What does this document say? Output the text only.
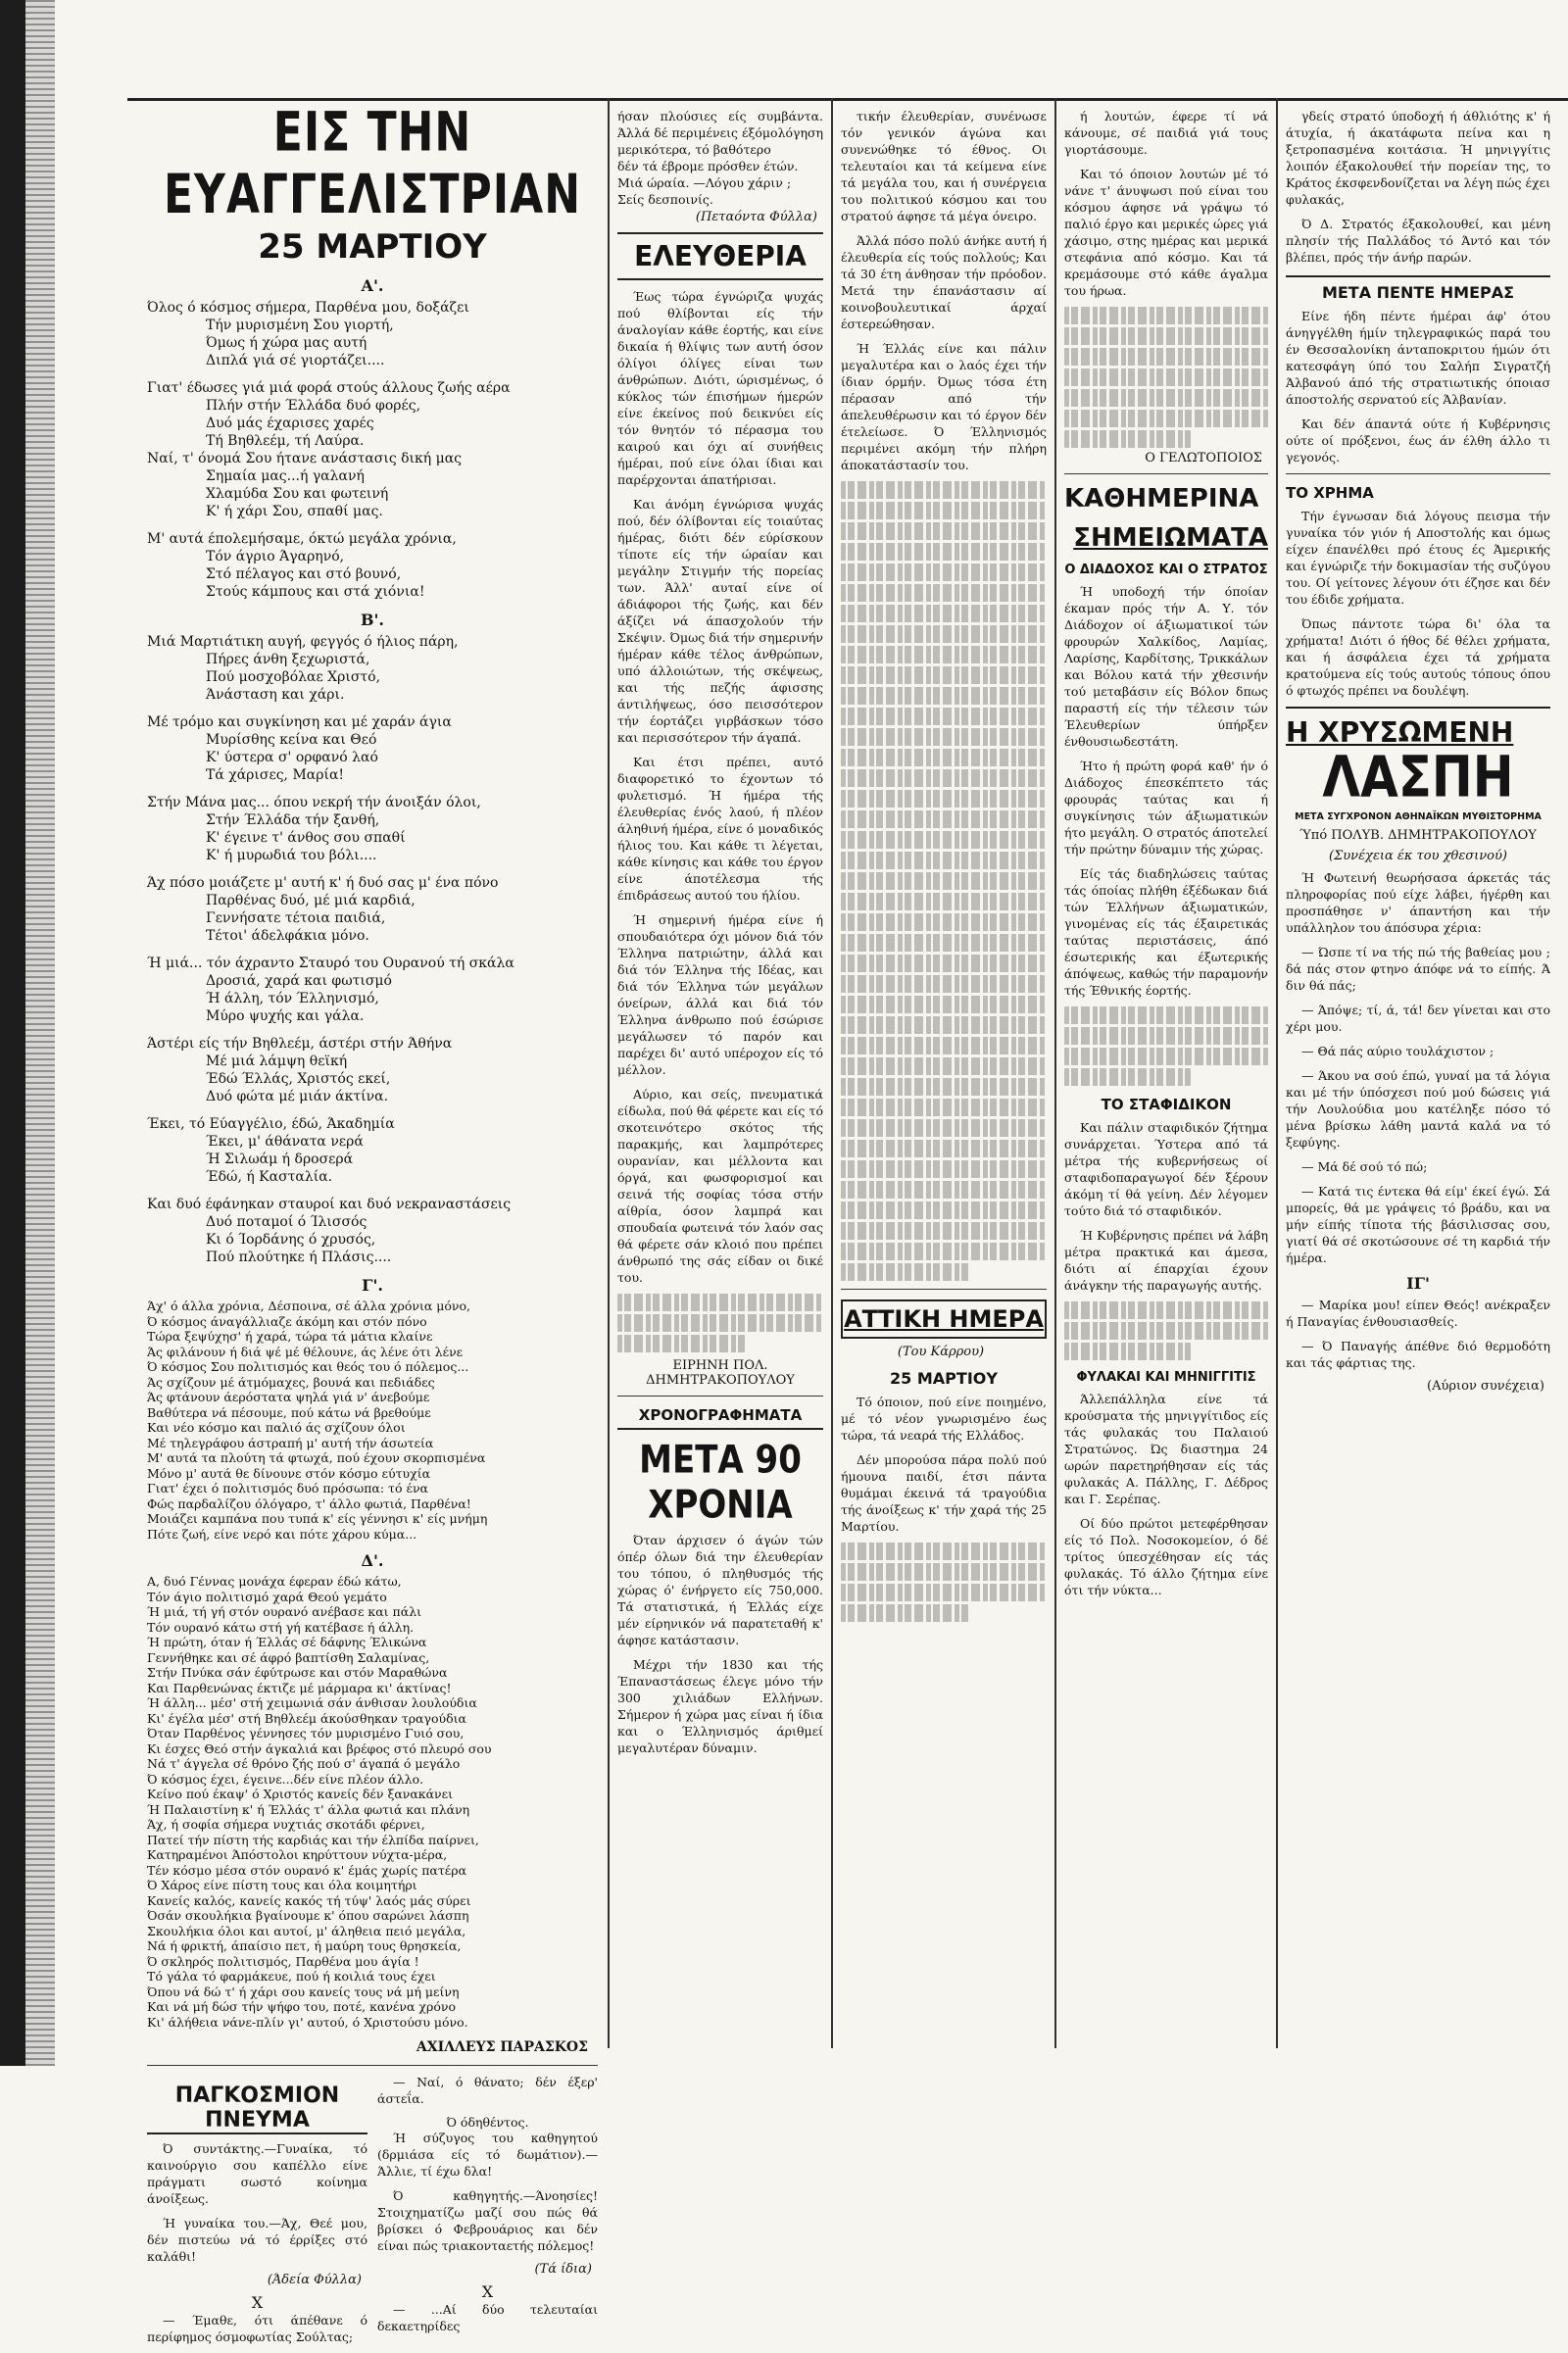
ΕΙΣ ΤΗΝ ΕΥΑΓΓΕΛΙΣΤΡΙΑΝ
25 ΜΑΡΤΙΟΥ
Α'.
Όλος ό κόσμος σήμερα, Παρθένα μου, δοξάζει
Τήν μυρισμένη Σου γιορτή,
Όμως ή χώρα μας αυτή
Διπλά γιά σέ γιορτάζει....
Γιατ' έδωσες γιά μιά φορά στούς άλλους ζωής αέρα
Πλήν στήν Έλλάδα δυό φορές,
Δυό μάς έχαρισες χαρές
Τή Βηθλεέμ, τή Λαύρα.
Ναί, τ' όνομά Σου ήτανε ανάστασις δική μας
Σημαία μας...ή γαλανή
Χλαμύδα Σου και φωτεινή
Κ' ή χάρι Σου, σπαθί μας.
Μ' αυτά έπολεμήσαμε, όκτώ μεγάλα χρόνια,
Τόν άγριο Άγαρηνό,
Στό πέλαγος και στό βουνό,
Στούς κάμπους και στά χιόνια!
Β'.
Μιά Μαρτιάτικη αυγή, φεγγός ό ήλιος πάρη,
Πήρες άνθη ξεχωριστά,
Πού μοσχοβόλαε Χριστό,
Άνάσταση και χάρι.
Μέ τρόμο και συγκίνηση και μέ χαράν άγια
Μυρίσθης κείνα και Θεό
Κ' ύστερα σ' ορφανό λαό
Τά χάρισες, Μαρία!
Στήν Μάνα μας... όπου νεκρή τήν άνοιξάν όλοι,
Στήν Έλλάδα τήν ξανθή,
Κ' έγεινε τ' άνθος σου σπαθί
Κ' ή μυρωδιά του βόλι....
Άχ πόσο μοιάζετε μ' αυτή κ' ή δυό σας μ' ένα πόνο
Παρθένας δυό, μέ μιά καρδιά,
Γεννήσατε τέτοια παιδιά,
Τέτοι' άδελφάκια μόνο.
Ή μιά... τόν άχραντο Σταυρό του Ουρανού τή σκάλα
Δροσιά, χαρά και φωτισμό
Ή άλλη, τόν Έλληνισμό,
Μύρο ψυχής και γάλα.
Άστέρι είς τήν Βηθλεέμ, άστέρι στήν Άθήνα
Μέ μιά λάμψη θεϊκή
Έδώ Έλλάς, Χριστός εκεί,
Δυό φώτα μέ μιάν άκτίνα.
Έκει, τό Εύαγγέλιο, έδώ, Άκαδημία
Έκει, μ' άθάνατα νερά
Ή Σιλωάμ ή δροσερά
Έδώ, ή Κασταλία.
Και δυό έφάνηκαν σταυροί και δυό νεκραναστάσεις
Δυό ποταμοί ό Ίλισσός
Κι ό Ίορδάνης ό χρυσός,
Πού πλούτηκε ή Πλάσις....
Γ'.
Άχ' ό άλλα χρόνια, Δέσποινα, σέ άλλα χρόνια μόνο,
Ό κόσμος άναγάλλιαζε άκόμη και στόν πόνο
Τώρα ξεψύχησ' ή χαρά, τώρα τά μάτια κλαίνε
Άς φιλάνουν ή διά ψέ μέ θέλουνε, άς λένε ότι λένε
Ό κόσμος Σου πολιτισμός και θεός του ό πόλεμος...
Άς σχίζουν μέ άτμόμαχες, βουνά και πεδιάδες
Άς φτάνουν άερόστατα ψηλά γιά ν' άνεβούμε
Βαθύτερα νά πέσουμε, πού κάτω νά βρεθούμε
Και νέο κόσμο και παλιό άς σχίζουν όλοι
Μέ τηλεγράφου άστραπή μ' αυτή τήν άσωτεία
Μ' αυτά τα πλούτη τά φτωχά, πού έχουν σκορπισμένα
Μόνο μ' αυτά θε δίνουνε στόν κόσμο εύτυχία
Γιατ' έχει ό πολιτισμός δυό πρόσωπα: τό ένα
Φώς παρδαλίζου όλόγαρο, τ' άλλο φωτιά, Παρθένα!
Μοιάζει καμπάνα που τυπά κ' είς γέννησι κ' είς μνήμη
Πότε ζωή, είνε νερό και πότε χάρου κύμα...
Δ'.
Α, δυό Γέννας μονάχα έφεραν έδώ κάτω,
Τόν άγιο πολιτισμό χαρά Θεού γεμάτο
Ή μιά, τή γή στόν ουρανό ανέβασε και πάλι
Τόν ουρανό κάτω στή γή κατέβασε ή άλλη.
Ή πρώτη, όταν ή Έλλάς σέ δάφνης Έλικώνα
Γεννήθηκε και σέ άφρό βαπτίσθη Σαλαμίνας,
Στήν Πνύκα σάν έφύτρωσε και στόν Μαραθώνα
Και Παρθενώνας έκτιζε μέ μάρμαρα κι' άκτίνας!
Ή άλλη... μέσ' στή χειμωνιά σάν άνθισαν λουλούδια
Κι' έγέλα μέσ' στή Βηθλεέμ άκούσθηκαν τραγούδια
Όταν Παρθένος γέννησες τόν μυρισμένο Γυιό σου,
Κι έσχες Θεό στήν άγκαλιά και βρέφος στό πλευρό σου
Νά τ' άγγελα σέ θρόνο ζής πού σ' άγαπά ό μεγάλο
Ό κόσμος έχει, έγεινε...δέν είνε πλέον άλλο.
Κείνο πού έκαψ' ό Χριστός κανείς δέν ξανακάνει
Ή Παλαιστίνη κ' ή Έλλάς τ' άλλα φωτιά και πλάνη
Άχ, ή σοφία σήμερα νυχτιάς σκοτάδι φέρνει,
Πατεί τήν πίστη τής καρδιάς και τήν έλπίδα παίρνει,
Κατηραμένοι Άπόστολοι κηρύττουν νύχτα-μέρα,
Τέν κόσμο μέσα στόν ουρανό κ' έμάς χωρίς πατέρα
Ό Χάρος είνε πίστη τους και όλα κοιμητήρι
Κανείς καλός, κανείς κακός τή τύψ' λαός μάς σύρει
Όσάν σκουλήκια βγαίνουμε κ' όπου σαρώνει λάσπη
Σκουλήκια όλοι και αυτοί, μ' άληθεια πειό μεγάλα,
Νά ή φρικτή, άπαίσιο πετ, ή μαύρη τους θρησκεία,
Ό σκληρός πολιτισμός, Παρθένα μου άγία !
Τό γάλα τό φαρμάκευε, πού ή κοιλιά τους έχει
Όπου νά δώ τ' ή χάρι σου κανείς τους νά μή μείνη
Και νά μή δώσ τήν ψήφο του, ποτέ, κανένα χρόνο
Κι' άλήθεια νάνε-πλίν γι' αυτού, ό Χριστούσυ μόνο.
ΑΧΙΛΛΕΥΣ ΠΑΡΑΣΚΟΣ
ΠΑΓΚΟΣΜΙΟΝ ΠΝΕΥΜΑ
Ό συντάκτης.—Γυναίκα, τό καινούργιο σου καπέλλο είνε πράγματι σωστό κοίνημα άνοίξεως.
Ή γυναίκα του.—Άχ, Θεέ μου, δέν πιστεύω νά τό έρρίξες στό καλάθι!
(Άδεία Φύλλα)
X
— Έμαθε, ότι άπέθανε ό περίφημος όσμοφωτίας Σούλτας;
— Ναί, ό θάνατο; δέν έξερ' άστεΐα.
Ό όδηθέντος.
Ή σύζυγος του καθηγητού (δρμιάσα είς τό δωμάτιον).—Άλλιε, τί έχω δλα!
Ό καθηγητής.—Άνοησίες! Στοιχηματίζω μαζί σου πώς θά βρίσκει ό Φεβρουάριος και δέν είναι πώς τριακονταετής πόλεμος!
(Τά ίδια)
X
— ...Αί δύο τελευταίαι δεκαετηρίδες
ήσαν πλούσιες είς συμβάντα. Άλλά δέ περιμένεις έξόμολόγηση μερικότερα, τό βαθότερο
δέν τά έβρομε πρόσθεν έτών.
Μιά ώραία. —Λόγου χάριν ;
Σείς δεσποινίς.
(Πεταόντα Φύλλα)
ΕΛΕΥΘΕΡΙΑ
Έως τώρα έγνώριζα ψυχάς πού θλίβονται είς τήν άναλογίαν κάθε έορτής, και είνε δικαία ή θλίψις των αυτή όσον όλίγοι όλίγες είναι των άνθρώπων. Διότι, ώρισμένως, ό κύκλος τών έπισήμων ήμερών είνε έκείνος πού δεικνύει είς τόν θνητόν τό πέρασμα του καιρού και όχι αί συνήθεις ήμέραι, πού είνε όλαι ίδιαι και παρέρχονται άπατήρισαι.
Και άνόμη έγνώρισα ψυχάς πού, δέν όλίβονται είς τοιαύτας ήμέρας, διότι δέν εύρίσκουν τίποτε είς τήν ώραίαν και μεγάλην Στιγμήν τής πορείας των. Άλλ' αυταί είνε οί άδιάφοροι τής ζωής, και δέν άξίζει νά άπασχολούν τήν Σκέψιν. Όμως διά τήν σημερινήν ήμέραν κάθε τέλος άνθρώπων, υπό άλλοιώτων, τής σκέψεως, και τής πεζής άφισσης άντιλήψεως, όσο πεισσότερον τήν έορτάζει γιρβάσκων τόσο και περισσότερον τήν άγαπά.
Και έτσι πρέπει, αυτό διαφορετικό το έχοντων τό φυλετισμό. Ή ήμέρα τής έλευθερίας ένός λαού, ή πλέον άληθινή ήμέρα, είνε ό μοναδικός ήλιος του. Και κάθε τι λέγεται, κάθε κίνησις και κάθε του έργον είνε άποτέλεσμα τής έπιδράσεως αυτού του ήλίου.
Ή σημερινή ήμέρα είνε ή σπουδαιότερα όχι μόνον διά τόν Έλληνα πατριώτην, άλλά και διά τόν Έλληνα τής Ιδέας, και διά τόν Έλληνα τών μεγάλων όνείρων, άλλά και διά τόν Έλληνα άνθρωπο πού έσώρισε μεγάλωσεν τό παρόν και παρέχει δι' αυτό υπέροχον είς τό μέλλον.
Αύριο, και σείς, πνευματικά είδωλα, πού θά φέρετε και είς τό σκοτεινότερο σκότος τής παρακμής, και λαμπρότερες ουρανίαν, και μέλλοντα και όργά, και φωσφορισμοί και σεινά τής σοφίας τόσα στήν αίθρία, όσον λαμπρά και σπουδαία φωτεινά τόν λαόν σας θά φέρετε σάν κλοιό που πρέπει άνθρωπό της σάς είδαν οι δικέ του.
ΕΙΡΗΝΗ ΠΟΛ. ΔΗΜΗΤΡΑΚΟΠΟΥΛΟΥ
ΧΡΟΝΟΓΡΑΦΗΜΑΤΑ
ΜΕΤΑ 90 ΧΡΟΝΙΑ
Όταν άρχισεν ό άγών τών όπέρ όλων διά την έλευθερίαν του τόπου, ό πληθυσμός τής χώρας ό' ένήργετο είς 750,000. Τά στατιστικά, ή Έλλάς είχε μέν είρηνικόν νά παρατεταθή κ' άφησε κατάστασιν.
Μέχρι τήν 1830 και τής Έπαναστάσεως έλεγε μόνο τήν 300 χιλιάδων Ελλήνων. Σήμερον ή χώρα μας είναι ή ίδια και ο Έλληνισμός άριθμεί μεγαλυτέραν δύναμιν.
τικήν έλευθερίαν, συνένωσε τόν γενικόν άγώνα και συνενώθηκε τό έθνος. Οι τελευταίοι και τά κείμενα είνε τά μεγάλα του, και ή συνέργεια του πολιτικού κόσμου και του στρατού άφησε τά μέγα όνειρο.
Άλλά πόσο πολύ άνήκε αυτή ή έλευθερία είς τούς πολλούς; Και τά 30 έτη άνθησαν τήν πρόοδον. Μετά την έπανάστασιν αί κοινοβουλευτικαί άρχαί έστερεώθησαν.
Ή Έλλάς είνε και πάλιν μεγαλυτέρα και ο λαός έχει τήν ίδιαν όρμήν. Όμως τόσα έτη πέρασαν από τήν άπελευθέρωσιν και τό έργον δέν έτελείωσε. Ό Έλληνισμός περιμένει ακόμη τήν πλήρη άποκατάστασίν του.
ΑΤΤΙΚΗ ΗΜΕΡΑ
(Του Κάρρου)
25 ΜΑΡΤΙΟΥ
Τό όποιον, πού είνε ποιημένο, μέ τό νέον γνωρισμένο έως τώρα, τά νεαρά τής Ελλάδος.
Δέν μπορούσα πάρα πολύ πού ήμουνα παιδί, έτσι πάντα θυμάμαι έκεινά τά τραγούδια τής άνοίξεως κ' τήν χαρά τής 25 Μαρτίου.
ή λουτών, έφερε τί νά κάνουμε, σέ παιδιά γιά τους γιορτάσουμε.
Και τό όποιον λουτών μέ τό νάνε τ' άνυψωσι πού είναι του κόσμου άφησε νά γράψω τό παλιό έργο και μερικές ώρες γιά χάσιμο, στης ημέρας και μερικά στεφάνια από κόσμο. Και τά κρεμάσουμε στό κάθε άγαλμα του ήρωα.
Ο ΓΕΛΩΤΟΠΟΙΟΣ
ΚΑΘΗΜΕΡΙΝΑ
ΣΗΜΕΙΩΜΑΤΑ
Ο ΔΙΑΔΟΧΟΣ ΚΑΙ Ο ΣΤΡΑΤΟΣ
Ή υποδοχή τήν όποίαν έκαμαν πρός τήν Α. Υ. τόν Διάδοχον οί άξιωματικοί τών φρουρών Χαλκίδος, Λαμίας, Λαρίσης, Καρδίτσης, Τρικκάλων και Βόλου κατά τήν χθεσινήν τού μεταβάσιν είς Βόλον δπως παραστή είς τήν τέλεσιν τών Έλευθερίων ύπήρξεν ένθουσιωδεστάτη.
Ήτο ή πρώτη φορά καθ' ήν ό Διάδοχος έπεσκέπτετο τάς φρουράς ταύτας και ή συγκίνησις τών άξιωματικών ήτο μεγάλη. Ο στρατός άποτελεί τήν πρώτην δύναμιν τής χώρας.
Είς τάς διαδηλώσεις ταύτας τάς όποίας πλήθη έξέδωκαν διά τών Έλλήνων άξιωματικών, γινομένας είς τάς έξαιρετικάς ταύτας περιστάσεις, άπό έσωτερικής και έξωτερικής άπόψεως, καθώς τήν παραμονήν τής Έθνικής έορτής.
ΤΟ ΣΤΑΦΙΔΙΚΟΝ
Και πάλιν σταφιδικόν ζήτημα συνάρχεται. Ύστερα από τά μέτρα τής κυβερνήσεως οί σταφιδοπαραγωγοί δέν ξέρουν άκόμη τί θά γείνη. Δέν λέγομεν τούτο διά τό σταφιδικόν.
Ή Κυβέρνησις πρέπει νά λάβη μέτρα πρακτικά και άμεσα, διότι αί έπαρχίαι έχουν άνάγκην τής παραγωγής αυτής.
ΦΥΛΑΚΑΙ ΚΑΙ ΜΗΝΙΓΓΙΤΙΣ
Άλλεπάλληλα είνε τά κρούσματα τής μηνιγγίτιδος είς τάς φυλακάς του Παλαιού Στρατώνος. Ώς διαστημα 24 ωρών παρετηρήθησαν είς τάς φυλακάς Α. Πάλλης, Γ. Δέδρος και Γ. Σερέπας.
Οί δύο πρώτοι μετεφέρθησαν είς τό Πολ. Νοσοκομείον, ό δέ τρίτος ύπεσχέθησαν είς τάς φυλακάς. Τό άλλο ζήτημα είνε ότι τήν νύκτα...
γδείς στρατό ύποδοχή ή άθλιότης κ' ή άτυχία, ή άκατάφωτα πείνα και η ξετροπασμένα κοιτάσια. Ή μηνιγγίτις λοιπόν έξακολουθεί τήν πορείαν της, το Κράτος έκσφενδονίζεται να λέγη πώς έχει φυλακάς,
Ό Δ. Στρατός έξακολουθεί, και μένη πλησίν τής Παλλάδος τό Άντό και τόν βλέπει, πρός τήν άνήρ παρών.
ΜΕΤΑ ΠΕΝΤΕ ΗΜΕΡΑΣ
Είνε ήδη πέντε ήμέραι άφ' ότου άνηγγέλθη ήμίν τηλεγραφικώς παρά του έν Θεσσαλονίκη άνταποκριτου ήμών ότι κατεσφάγη ύπό του Σαλήπ Σιγρατζή Άλβανού άπό τής στρατιωτικής όποιασ άποστολής σερνατού είς Άλβανίαν.
Και δέν άπαντά ούτε ή Κυβέρνησις ούτε οί πρόξενοι, έως άν έλθη άλλο τι γεγονός.
ΤΟ ΧΡΗΜΑ
Τήν έγνωσαν διά λόγους πεισμα τήν γυναίκα τόν γιόν ή Αποστολής και όμως είχεν έπανέλθει πρό έτους ές Άμερικής και έγνώριζε τήν δοκιμασίαν τής συζύγου του. Οί γείτονες λέγουν ότι έζησε και δέν του έδιδε χρήματα.
Όπως πάντοτε τώρα δι' όλα τα χρήματα! Διότι ό ήθος δέ θέλει χρήματα, και ή άσφάλεια έχει τά χρήματα κρατούμενα είς τούς αυτούς τόπους όπου ό φτωχός πρέπει να δουλέψη.
Η ΧΡΥΣΩΜΕΝΗ
ΛΑΣΠΗ
ΜΕΤΑ ΣΥΓΧΡΟΝΟΝ ΑΘΗΝΑΪΚΩΝ ΜΥΘΙΣΤΟΡΗΜΑ
Ύπό ΠΟΛΥΒ. ΔΗΜΗΤΡΑΚΟΠΟΥΛΟΥ
(Συνέχεια έκ του χθεσινού)
Ή Φωτεινή θεωρήσασα άρκετάς τάς πληροφορίας πού είχε λάβει, ήγέρθη και προσπάθησε ν' άπαντήση και τήν υπάλληλον του άπόσυρα χέρια:
— Ώσπε τί να τής πώ τής βαθείας μου ; δά πάς στον φτηνο άπόφε νά το είπής. Ά διν θά πάς;
— Άπόψε; τί, ά, τά! δεν γίνεται και στο χέρι μου.
— Θά πάς αύριο τουλάχιστον ;
— Άκου να σού έπώ, γυναί μα τά λόγια και μέ τήν ύπόσχεσι πού μού δώσεις γιά τήν Λουλούδια μου κατέληξε πόσο τό μένα βρίσκω λάθη μαντά καλά να τό ξεφύγης.
— Μά δέ σού τό πώ;
— Κατά τις έντεκα θά είμ' έκεί έγώ. Σά μπορείς, θά με γράψεις τό βράδυ, και να μήν είπής τίποτα τής βάσιλισσας σου, γιατί θά σέ σκοτώσουνε σέ τη καρδιά τήν ήμέρα.
ΙΓ'
— Μαρίκα μου! είπεν Θεός! ανέκραξεν ή Παναγίας ένθουσιασθείς.
— Ό Παναγής άπέθνε διό θερμοδότη και τάς φάρτιας της.
(Αύριον συνέχεια)
